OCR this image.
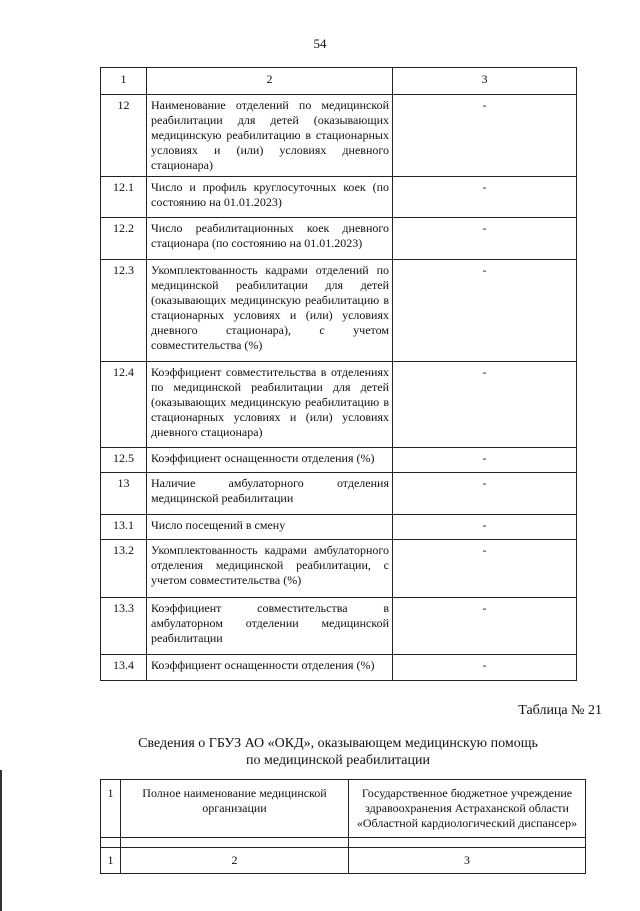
54
1	2	3
12	Наименование отделений по медицинской реабилитации для детей (оказывающих медицинскую реабилитацию в стационарных условиях и (или) условиях дневного стационара)	-
12.1	Число и профиль круглосуточных коек (по состоянию на 01.01.2023)	-
12.2	Число реабилитационных коек дневного стационара (по состоянию на 01.01.2023)	-
12.3	Укомплектованность кадрами отделений по медицинской реабилитации для детей (оказывающих медицинскую реабилитацию в стационарных условиях и (или) условиях дневного стационара), с учетом совместительства (%)	-
12.4	Коэффициент совместительства в отделениях по медицинской реабилитации для детей (оказывающих медицинскую реабилитацию в стационарных условиях и (или) условиях дневного стационара)	-
12.5	Коэффициент оснащенности отделения (%)	-
13	Наличие амбулаторного отделения медицинской реабилитации	-
13.1	Число посещений в смену	-
13.2	Укомплектованность кадрами амбулаторного отделения медицинской реабилитации, с учетом совместительства (%)	-
13.3	Коэффициент совместительства в амбулаторном отделении медицинской реабилитации	-
13.4	Коэффициент оснащенности отделения (%)	-
Таблица № 21
Сведения о ГБУЗ АО «ОКД», оказывающем медицинскую помощь
по медицинской реабилитации
1	Полное наименование медицинской организации	Государственное бюджетное учреждение здравоохранения Астраханской области «Областной кардиологический диспансер»

1	2	3
